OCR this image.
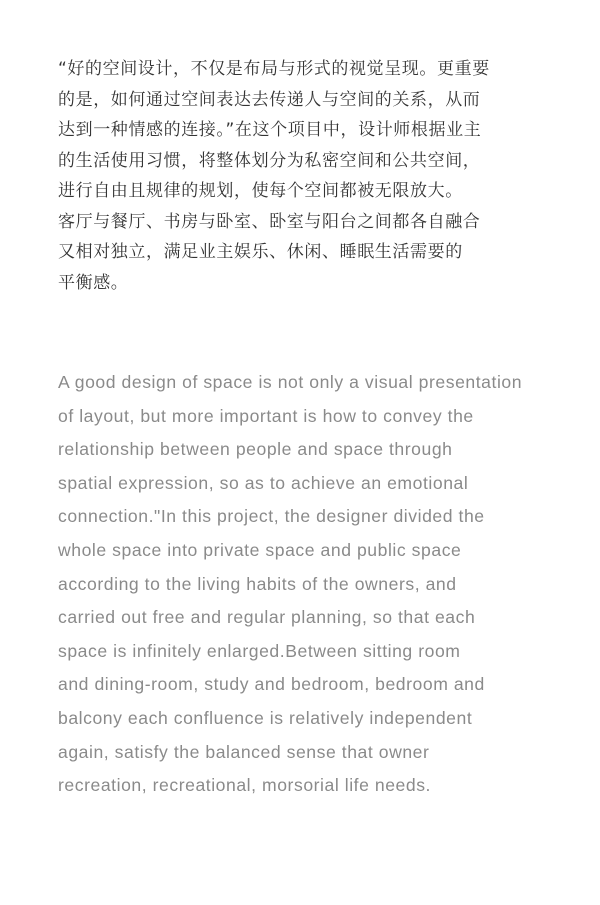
“好的空间设计，不仅是布局与形式的视觉呈现。更重要
的是，如何通过空间表达去传递人与空间的关系，从而
达到一种情感的连接。”在这个项目中，设计师根据业主
的生活使用习惯，将整体划分为私密空间和公共空间，
进行自由且规律的规划，使每个空间都被无限放大。
客厅与餐厅、书房与卧室、卧室与阳台之间都各自融合
又相对独立，满足业主娱乐、休闲、睡眠生活需要的
平衡感。

A good design of space is not only a visual presentation
of layout, but more important is how to convey the
relationship between people and space through
spatial expression, so as to achieve an emotional
connection."In this project, the designer divided the
whole space into private space and public space
according to the living habits of the owners, and
carried out free and regular planning, so that each
space is infinitely enlarged.Between sitting room
and dining-room, study and bedroom, bedroom and
balcony each confluence is relatively independent
again, satisfy the balanced sense that owner
recreation, recreational, morsorial life needs.
